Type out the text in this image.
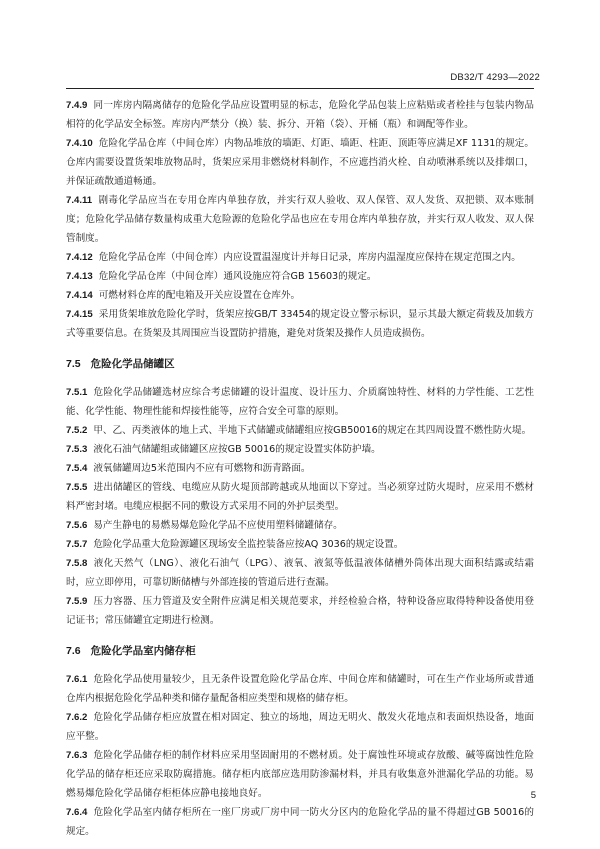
DB32/T 4293—2022

7.4.9 同一库房内隔离储存的危险化学品应设置明显的标志，危险化学品包装上应粘贴或者栓挂与包装内物品相符的化学品安全标签。库房内严禁分（换）装、拆分、开箱（袋）、开桶（瓶）和调配等作业。

7.4.10 危险化学品仓库（中间仓库）内物品堆放的墙距、灯距、墙距、柱距、顶距等应满足XF 1131的规定。仓库内需要设置货架堆放物品时，货架应采用非燃烧材料制作，不应遮挡消火栓、自动喷淋系统以及排烟口，并保证疏散通道畅通。

7.4.11 剧毒化学品应当在专用仓库内单独存放，并实行双人验收、双人保管、双人发货、双把锁、双本账制度；危险化学品储存数量构成重大危险源的危险化学品也应在专用仓库内单独存放，并实行双人收发、双人保管制度。

7.4.12 危险化学品仓库（中间仓库）内应设置温湿度计并每日记录，库房内温湿度应保持在规定范围之内。

7.4.13 危险化学品仓库（中间仓库）通风设施应符合GB 15603的规定。

7.4.14 可燃材料仓库的配电箱及开关应设置在仓库外。

7.4.15 采用货架堆放危险化学时，货架应按GB/T 33454的规定设立警示标识，显示其最大额定荷载及加载方式等重要信息。在货架及其周围应当设置防护措施，避免对货架及操作人员造成损伤。

7.5 危险化学品储罐区

7.5.1 危险化学品储罐选材应综合考虑储罐的设计温度、设计压力、介质腐蚀特性、材料的力学性能、工艺性能、化学性能、物理性能和焊接性能等，应符合安全可靠的原则。

7.5.2 甲、乙、丙类液体的地上式、半地下式储罐或储罐组应按GB50016的规定在其四周设置不燃性防火堤。

7.5.3 液化石油气储罐组或储罐区应按GB 50016的规定设置实体防护墙。

7.5.4 液氧储罐周边5米范围内不应有可燃物和沥青路面。

7.5.5 进出储罐区的管线、电缆应从防火堤顶部跨越或从地面以下穿过。当必须穿过防火堤时，应采用不燃材料严密封堵。电缆应根据不同的敷设方式采用不同的外护层类型。

7.5.6 易产生静电的易燃易爆危险化学品不应使用塑料储罐储存。

7.5.7 危险化学品重大危险源罐区现场安全监控装备应按AQ 3036的规定设置。

7.5.8 液化天然气（LNG）、液化石油气（LPG）、液氧、液氮等低温液体储槽外筒体出现大面积结露或结霜时，应立即停用，可靠切断储槽与外部连接的管道后进行查漏。

7.5.9 压力容器、压力管道及安全附件应满足相关规范要求，并经检验合格，特种设备应取得特种设备使用登记证书；常压储罐宜定期进行检测。

7.6 危险化学品室内储存柜

7.6.1 危险化学品使用量较少，且无条件设置危险化学品仓库、中间仓库和储罐时，可在生产作业场所或普通仓库内根据危险化学品种类和储存量配备相应类型和规格的储存柜。

7.6.2 危险化学品储存柜应放置在相对固定、独立的场地，周边无明火、散发火花地点和表面炽热设备，地面应平整。

7.6.3 危险化学品储存柜的制作材料应采用坚固耐用的不燃材质。处于腐蚀性环境或存放酸、碱等腐蚀性危险化学品的储存柜还应采取防腐措施。储存柜内底部应选用防渗漏材料，并具有收集意外泄漏化学品的功能。易燃易爆危险化学品储存柜柜体应静电接地良好。

7.6.4 危险化学品室内储存柜所在一座厂房或厂房中同一防火分区内的危险化学品的量不得超过GB 50016的规定。

5
